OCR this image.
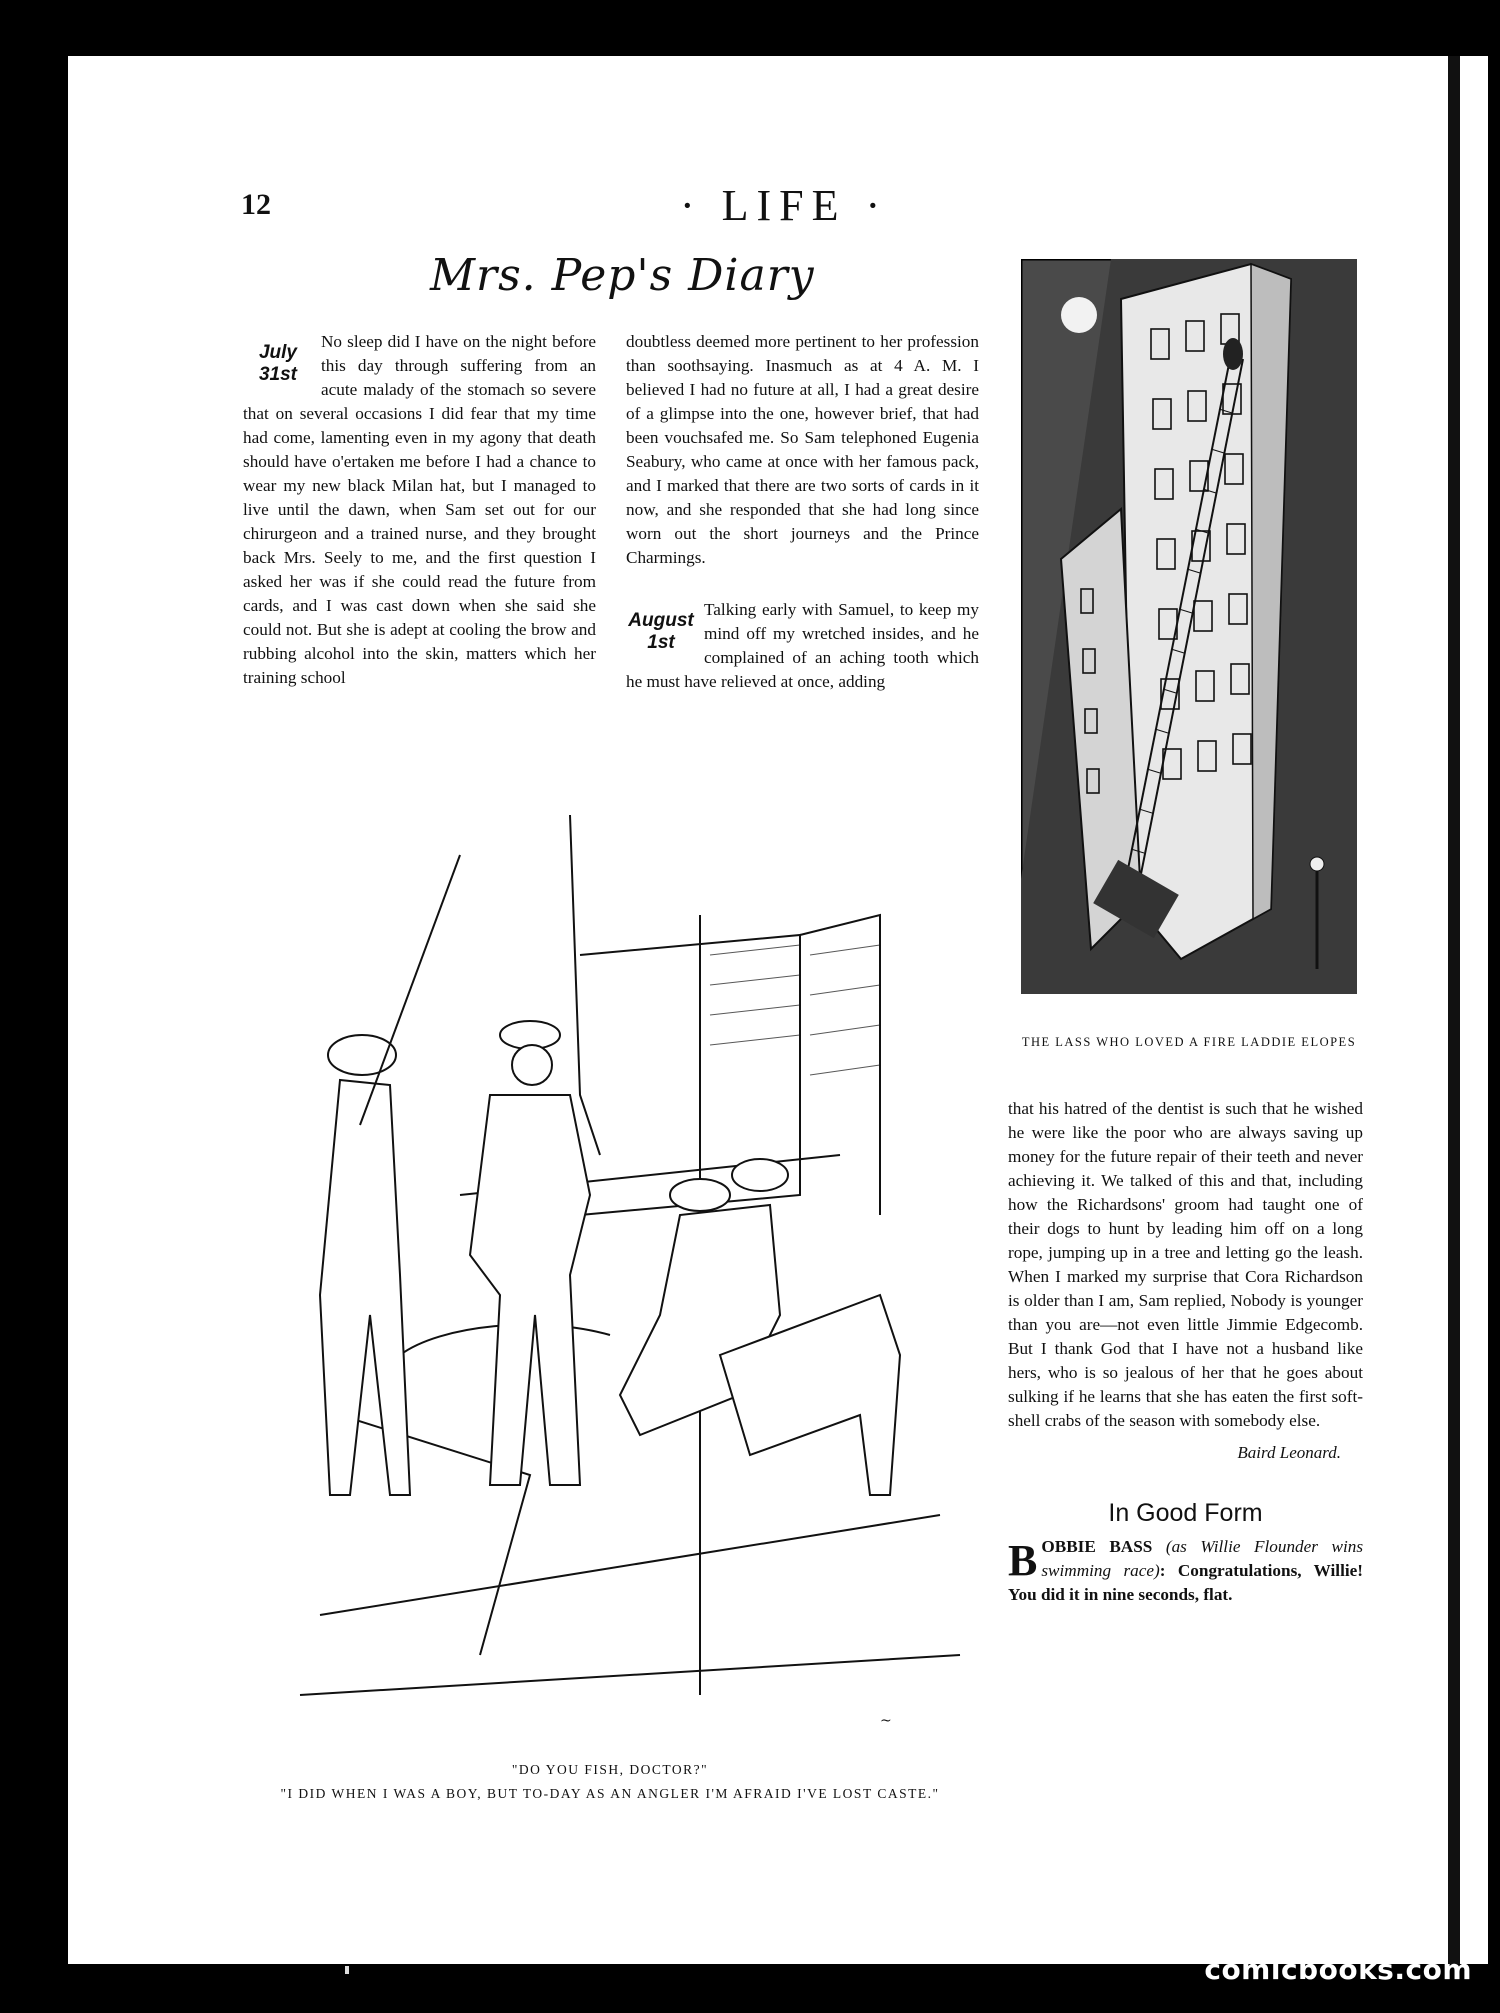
12	· LIFE ·
Mrs. Pep's Diary
July 31st
No sleep did I have on the night before this day through suffering from an acute malady of the stomach so severe that on several occasions I did fear that my time had come, lamenting even in my agony that death should have o'ertaken me before I had a chance to wear my new black Milan hat, but I managed to live until the dawn, when Sam set out for our chirurgeon and a trained nurse, and they brought back Mrs. Seely to me, and the first question I asked her was if she could read the future from cards, and I was cast down when she said she could not. But she is adept at cooling the brow and rubbing alcohol into the skin, matters which her training school
doubtless deemed more pertinent to her profession than soothsaying. Inasmuch as at 4 A. M. I believed I had no future at all, I had a great desire of a glimpse into the one, however brief, that had been vouchsafed me. So Sam telephoned Eugenia Seabury, who came at once with her famous pack, and I marked that there are two sorts of cards in it now, and she responded that she had long since worn out the short journeys and the Prince Charmings.
August 1st
Talking early with Samuel, to keep my mind off my wretched insides, and he complained of an aching tooth which he must have relieved at once, adding
THE LASS WHO LOVED A FIRE LADDIE ELOPES
~
"DO YOU FISH, DOCTOR?"
"I DID WHEN I WAS A BOY, BUT TO-DAY AS AN ANGLER I'M AFRAID I'VE LOST CASTE."
that his hatred of the dentist is such that he wished he were like the poor who are always saving up money for the future repair of their teeth and never achieving it. We talked of this and that, including how the Richardsons' groom had taught one of their dogs to hunt by leading him off on a long rope, jumping up in a tree and letting go the leash. When I marked my surprise that Cora Richardson is older than I am, Sam replied, Nobody is younger than you are—not even little Jimmie Edgecomb. But I thank God that I have not a husband like hers, who is so jealous of her that he goes about sulking if he learns that she has eaten the first soft-shell crabs of the season with somebody else.
Baird Leonard.
In Good Form
B OBBIE BASS (as Willie Flounder wins swimming race): Congratulations, Willie! You did it in nine seconds, flat.
comicbooks.com
